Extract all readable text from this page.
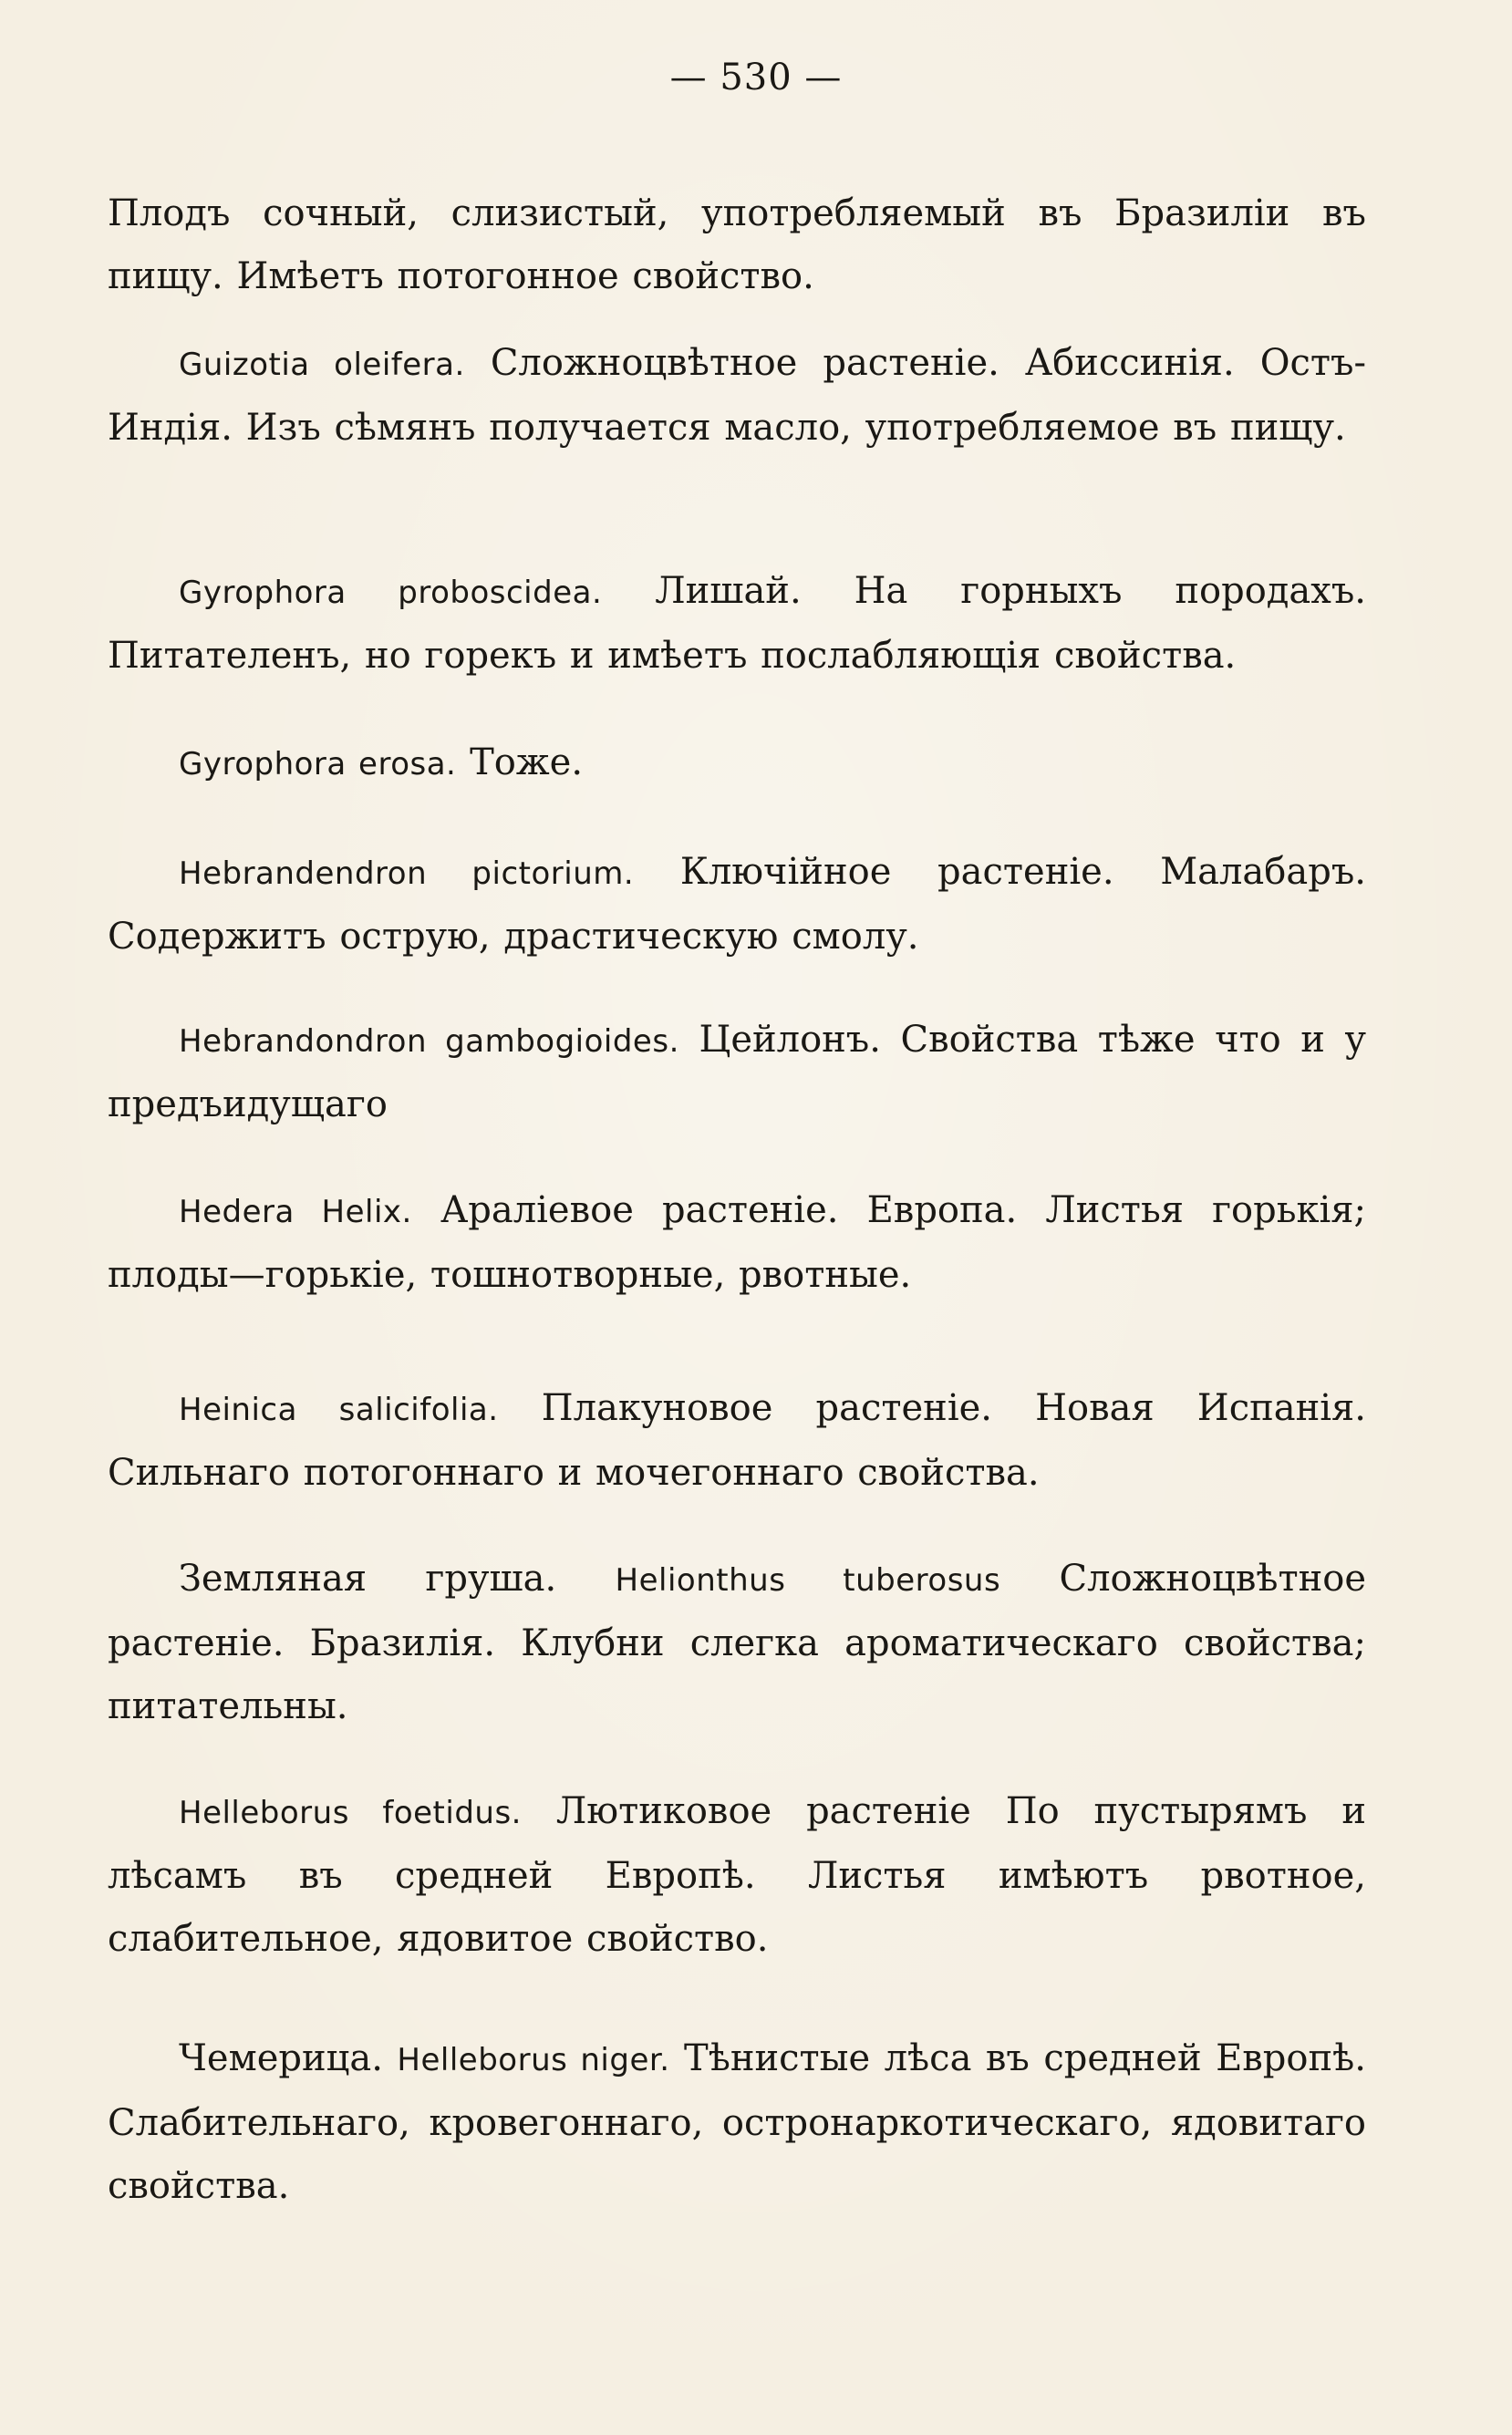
— 530 —

Плодъ сочный, слизистый, употребляемый въ Бразиліи въ пищу. Имѣетъ потогонное свойство.

Guizotia oleifera. Сложноцвѣтное растеніе. Абиссинія. Остъ-Индія. Изъ сѣмянъ получается масло, употребляемое въ пищу.
Gyrophora proboscidea. Лишай. На горныхъ породахъ. Питателенъ, но горекъ и имѣетъ послабляющія свойства.
Gyrophora erosa. Тоже.
Hebrandendron pictorium. Ключійное растеніе. Малабаръ. Содержитъ острую, драстическую смолу.
Hebrandondron gambogioides. Цейлонъ. Свойства тѣже что и у предъидущаго
Hedera Helix. Араліевое растеніе. Европа. Листья горькія; плоды—горькіе, тошнотворные, рвотные.
Heinica salicifolia. Плакуновое растеніе. Новая Испанія. Сильнаго потогоннаго и мочегоннаго свойства.
Земляная груша. Helionthus tuberosus Сложноцвѣтное растеніе. Бразилія. Клубни слегка ароматическаго свойства; питательны.
Helleborus foetidus. Лютиковое растеніе По пустырямъ и лѣсамъ въ средней Европѣ. Листья имѣютъ рвотное, слабительное, ядовитое свойство.
Чемерица. Helleborus niger. Тѣнистые лѣса въ средней Европѣ. Слабительнаго, кровегоннаго, остронаркотическаго, ядовитаго свойства.
